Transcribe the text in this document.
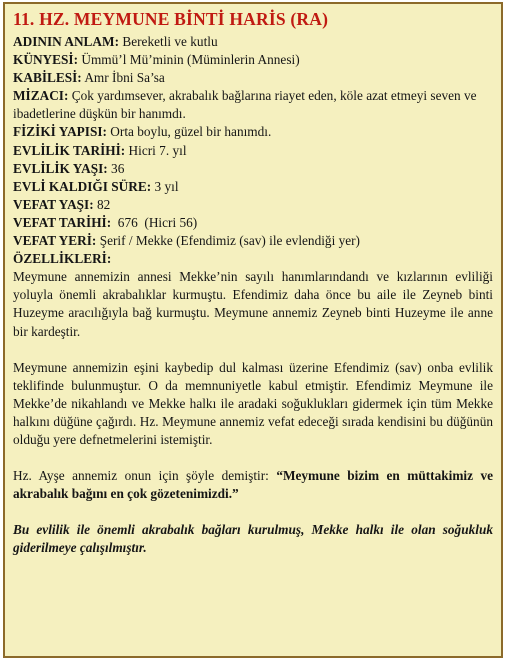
11. HZ. MEYMUNE BİNTİ HARİS (RA)

ADININ ANLAM: Bereketli ve kutlu

KÜNYESİ: Ümmü’l Mü’minin (Müminlerin Annesi)

KABİLESİ: Amr İbni Sa’sa

MİZACI: Çok yardımsever, akrabalık bağlarına riayet eden, köle azat etmeyi seven ve ibadetlerine düşkün bir hanımdı.

FİZİKİ YAPISI: Orta boylu, güzel bir hanımdı.

EVLİLİK TARİHİ: Hicri 7. yıl

EVLİLİK YAŞI: 36

EVLİ KALDIĞI SÜRE: 3 yıl

VEFAT YAŞI: 82

VEFAT TARİHİ:  676  (Hicri 56)

VEFAT YERİ: Şerif / Mekke (Efendimiz (sav) ile evlendiği yer)

ÖZELLİKLERİ:

Meymune annemizin annesi Mekke’nin sayılı hanımlarındandı ve kızlarının evliliği yoluyla önemli akrabalıklar kurmuştu. Efendimiz daha önce bu aile ile Zeyneb binti Huzeyme aracılığıyla bağ kurmuştu. Meymune annemiz Zeyneb binti Huzeyme ile anne bir kardeştir.

Meymune annemizin eşini kaybedip dul kalması üzerine Efendimiz (sav) onba evlilik teklifinde bulunmuştur. O da memnuniyetle kabul etmiştir. Efendimiz Meymune ile Mekke’de nikahlandı ve Mekke halkı ile aradaki soğuklukları gidermek için tüm Mekke halkını düğüne çağırdı. Hz. Meymune annemiz vefat edeceği sırada kendisini bu düğünün olduğu yere defnetmelerini istemiştir.

Hz. Ayşe annemiz onun için şöyle demiştir: “Meymune bizim en müttakimiz ve akrabalık bağını en çok gözetenimizdi.”

Bu evlilik ile önemli akrabalık bağları kurulmuş, Mekke halkı ile olan soğukluk giderilmeye çalışılmıştır.
